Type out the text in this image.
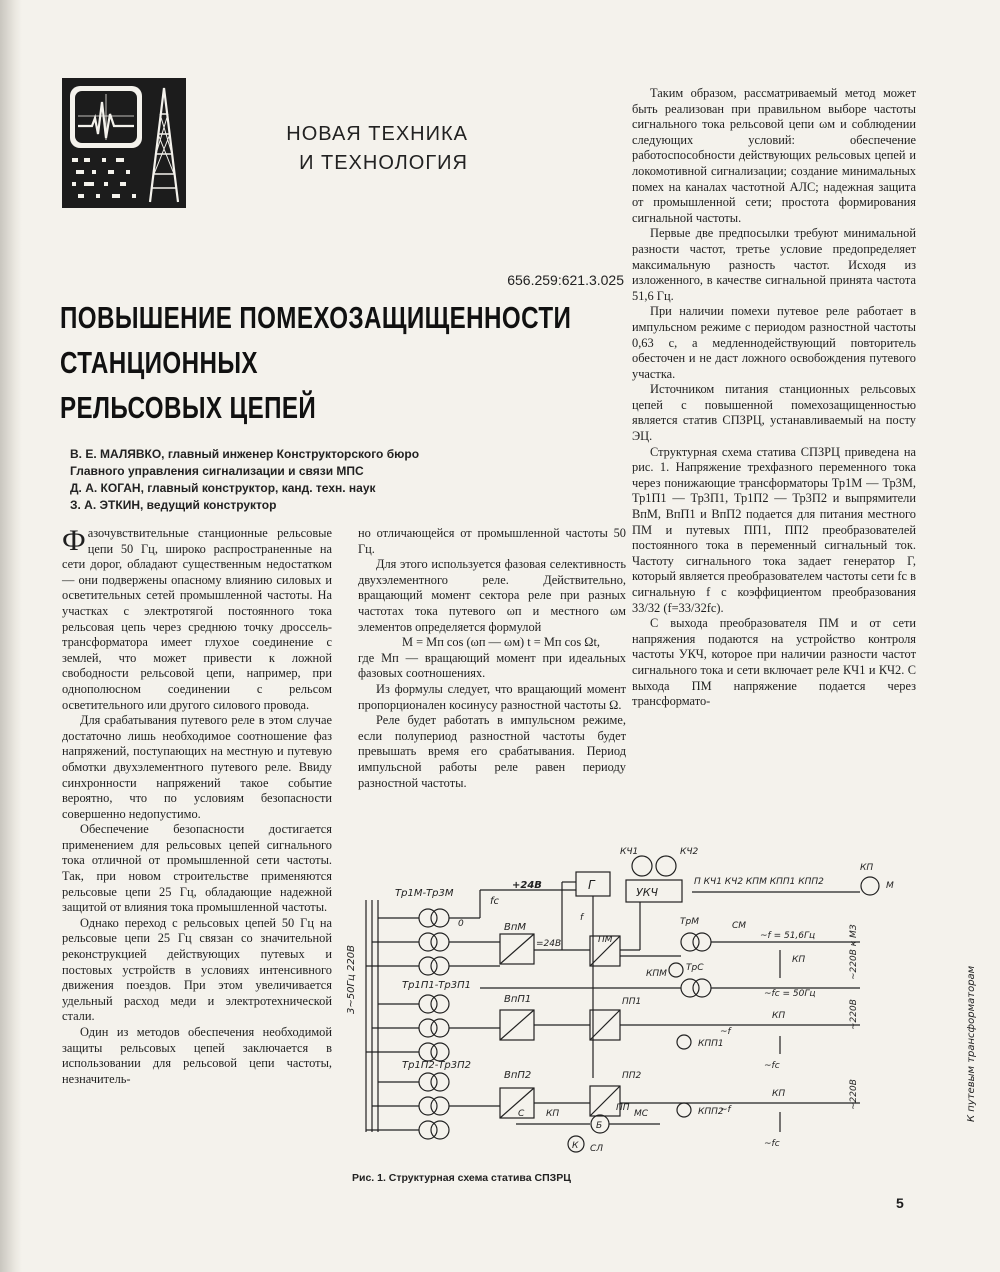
НОВАЯ ТЕХНИКА
И ТЕХНОЛОГИЯ
656.259:621.3.025
ПОВЫШЕНИЕ ПОМЕХОЗАЩИЩЕННОСТИ
СТАНЦИОННЫХ
РЕЛЬСОВЫХ ЦЕПЕЙ
В. Е. МАЛЯВКО, главный инженер Конструкторского бюро
Главного управления сигнализации и связи МПС
Д. А. КОГАН, главный конструктор, канд. техн. наук
З. А. ЭТКИН, ведущий конструктор

Фазочувствительные станционные рельсовые цепи 50 Гц, широко распространенные на сети дорог, обладают существенным недостатком — они подвержены опасному влиянию силовых и осветительных сетей промышленной частоты. На участках с электротягой постоянного тока рельсовая цепь через среднюю точку дроссель-трансформатора имеет глухое соединение с землей, что может привести к ложной свободности рельсовой цепи, например, при однополюсном соединении с рельсом осветительного или другого силового провода.

Для срабатывания путевого реле в этом случае достаточно лишь необходимое соотношение фаз напряжений, поступающих на местную и путевую обмотки двухэлементного путевого реле. Ввиду синхронности напряжений такое событие вероятно, что по условиям безопасности совершенно недопустимо.

Обеспечение безопасности достигается применением для рельсовых цепей сигнального тока отличной от промышленной сети частоты. Так, при новом строительстве применяются рельсовые цепи 25 Гц, обладающие надежной защитой от влияния тока промышленной частоты.

Однако переход с рельсовых цепей 50 Гц на рельсовые цепи 25 Гц связан со значительной реконструкцией действующих путевых и постовых устройств в условиях интенсивного движения поездов. При этом увеличивается удельный расход меди и электротехнической стали.

Один из методов обеспечения необходимой защиты рельсовых цепей заключается в использовании для рельсовой цепи частоты, незначитель-

но отличающейся от промышленной частоты 50 Гц.

Для этого используется фазовая селективность двухэлементного реле. Действительно, вращающий момент сектора реле при разных частотах тока путевого ωп и местного ωм элементов определяется формулой

M = Mп cos (ωп — ωм) t = Mп cos Ωt,

где Mп — вращающий момент при идеальных фазовых соотношениях.

Из формулы следует, что вращающий момент пропорционален косинусу разностной частоты Ω.

Реле будет работать в импульсном режиме, если полупериод разностной частоты будет превышать время его срабатывания. Период импульсной работы реле равен периоду разностной частоты.

Таким образом, рассматриваемый метод может быть реализован при правильном выборе частоты сигнального тока рельсовой цепи ωм и соблюдении следующих условий: обеспечение работоспособности действующих рельсовых цепей и локомотивной сигнализации; создание минимальных помех на каналах частотной АЛС; надежная защита от промышленной сети; простота формирования сигнальной частоты.

Первые две предпосылки требуют минимальной разности частот, третье условие предопределяет максимальную разность частот. Исходя из изложенного, в качестве сигнальной принята частота 51,6 Гц.

При наличии помехи путевое реле работает в импульсном режиме с периодом разностной частоты 0,63 с, а медленнодействующий повторитель обесточен и не даст ложного освобождения путевого участка.

Источником питания станционных рельсовых цепей с повышенной помехозащищенностью является статив СПЗРЦ, устанавливаемый на посту ЭЦ.

Структурная схема статива СПЗРЦ приведена на рис. 1. Напряжение трехфазного переменного тока через понижающие трансформаторы Тр1М — Тр3М, Тр1П1 — Тр3П1, Тр1П2 — Тр3П2 и выпрямители ВпМ, ВпП1 и ВпП2 подается для питания местного ПМ и путевых ПП1, ПП2 преобразователей постоянного тока в переменный сигнальный ток. Частоту сигнального тока задает генератор Г, который является преобразователем частоты сети fc в сигнальную f с коэффициентом преобразования 33/32 (f=33/32fc).

С выхода преобразователя ПМ и от сети напряжения подаются на устройство контроля частоты УКЧ, которое при наличии разности частот сигнального тока и сети включает реле КЧ1 и КЧ2. С выхода ПМ напряжение подается через трансформато-

3~50Гц 220В
Тр1М-Тр3М
Тр1П1-Тр3П1
Тр1П2-Тр3П2
0
fc
ВпМ
ВпП1
ВпП2
=24В
+24В	Г
УКЧ
КЧ1	КЧ2
f
ПМ
ПП1
ПП2
П КЧ1 КЧ2 КПМ КПП1 КПП2
КП
М
ТрМ	СМ
~f = 51,6Гц
КПМ
ТрС
~fc = 50Гц
КП	~220В к МЗ
~f
КП
КПП1
~fc
~220В
~f
КП
КПП2
~fc
~220В	К путевым трансформаторам
С КП
ПП
МС
Б
К СЛ
Рис. 1. Структурная схема статива СПЗРЦ
5
